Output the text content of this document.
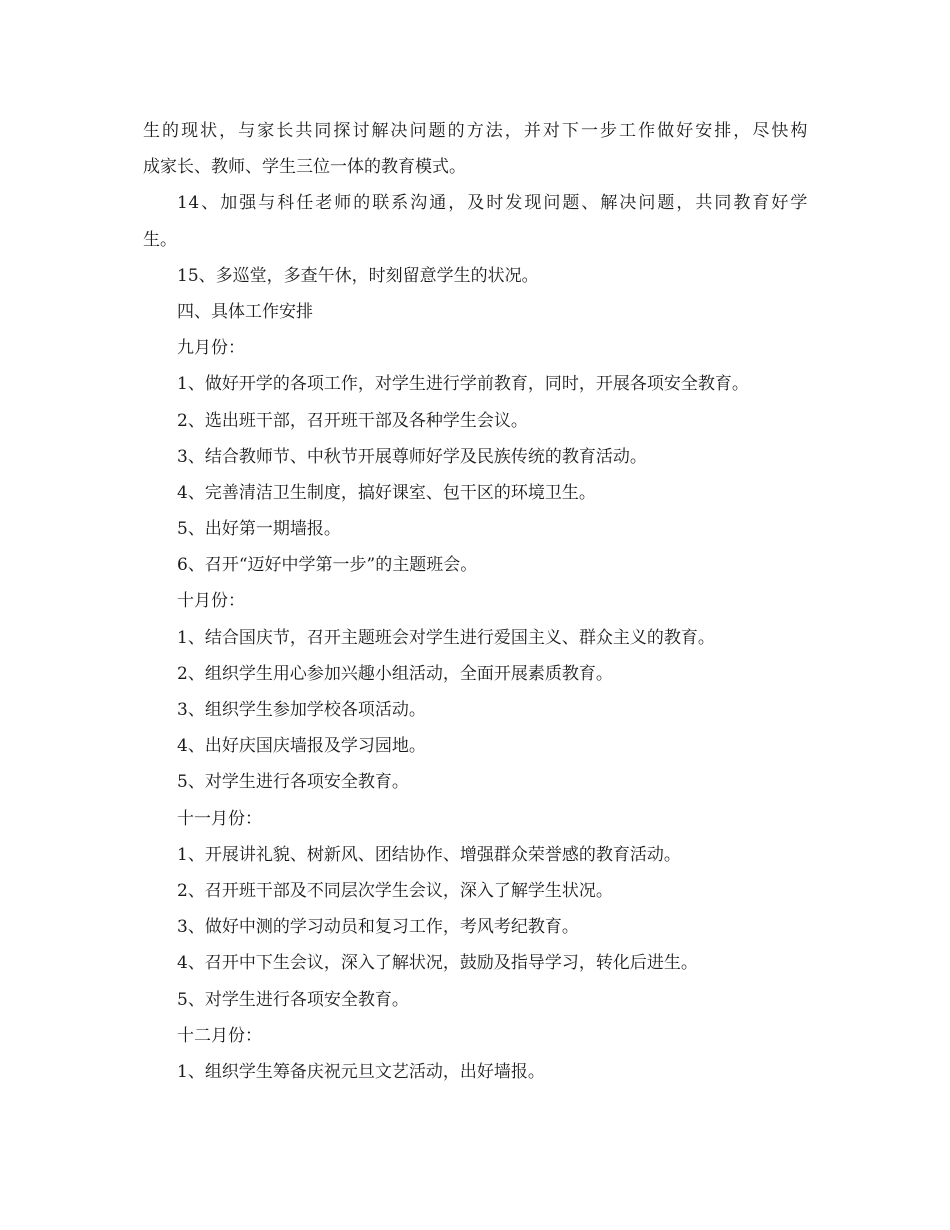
生的现状，与家长共同探讨解决问题的方法，并对下一步工作做好安排，尽快构
成家长、教师、学生三位一体的教育模式。
14、加强与科任老师的联系沟通，及时发现问题、解决问题，共同教育好学
生。
15、多巡堂，多查午休，时刻留意学生的状况。
四、具体工作安排
九月份：
1、做好开学的各项工作，对学生进行学前教育，同时，开展各项安全教育。
2、选出班干部，召开班干部及各种学生会议。
3、结合教师节、中秋节开展尊师好学及民族传统的教育活动。
4、完善清洁卫生制度，搞好课室、包干区的环境卫生。
5、出好第一期墙报。
6、召开“迈好中学第一步”的主题班会。
十月份：
1、结合国庆节，召开主题班会对学生进行爱国主义、群众主义的教育。
2、组织学生用心参加兴趣小组活动，全面开展素质教育。
3、组织学生参加学校各项活动。
4、出好庆国庆墙报及学习园地。
5、对学生进行各项安全教育。
十一月份：
1、开展讲礼貌、树新风、团结协作、增强群众荣誉感的教育活动。
2、召开班干部及不同层次学生会议，深入了解学生状况。
3、做好中测的学习动员和复习工作，考风考纪教育。
4、召开中下生会议，深入了解状况，鼓励及指导学习，转化后进生。
5、对学生进行各项安全教育。
十二月份：
1、组织学生筹备庆祝元旦文艺活动，出好墙报。
